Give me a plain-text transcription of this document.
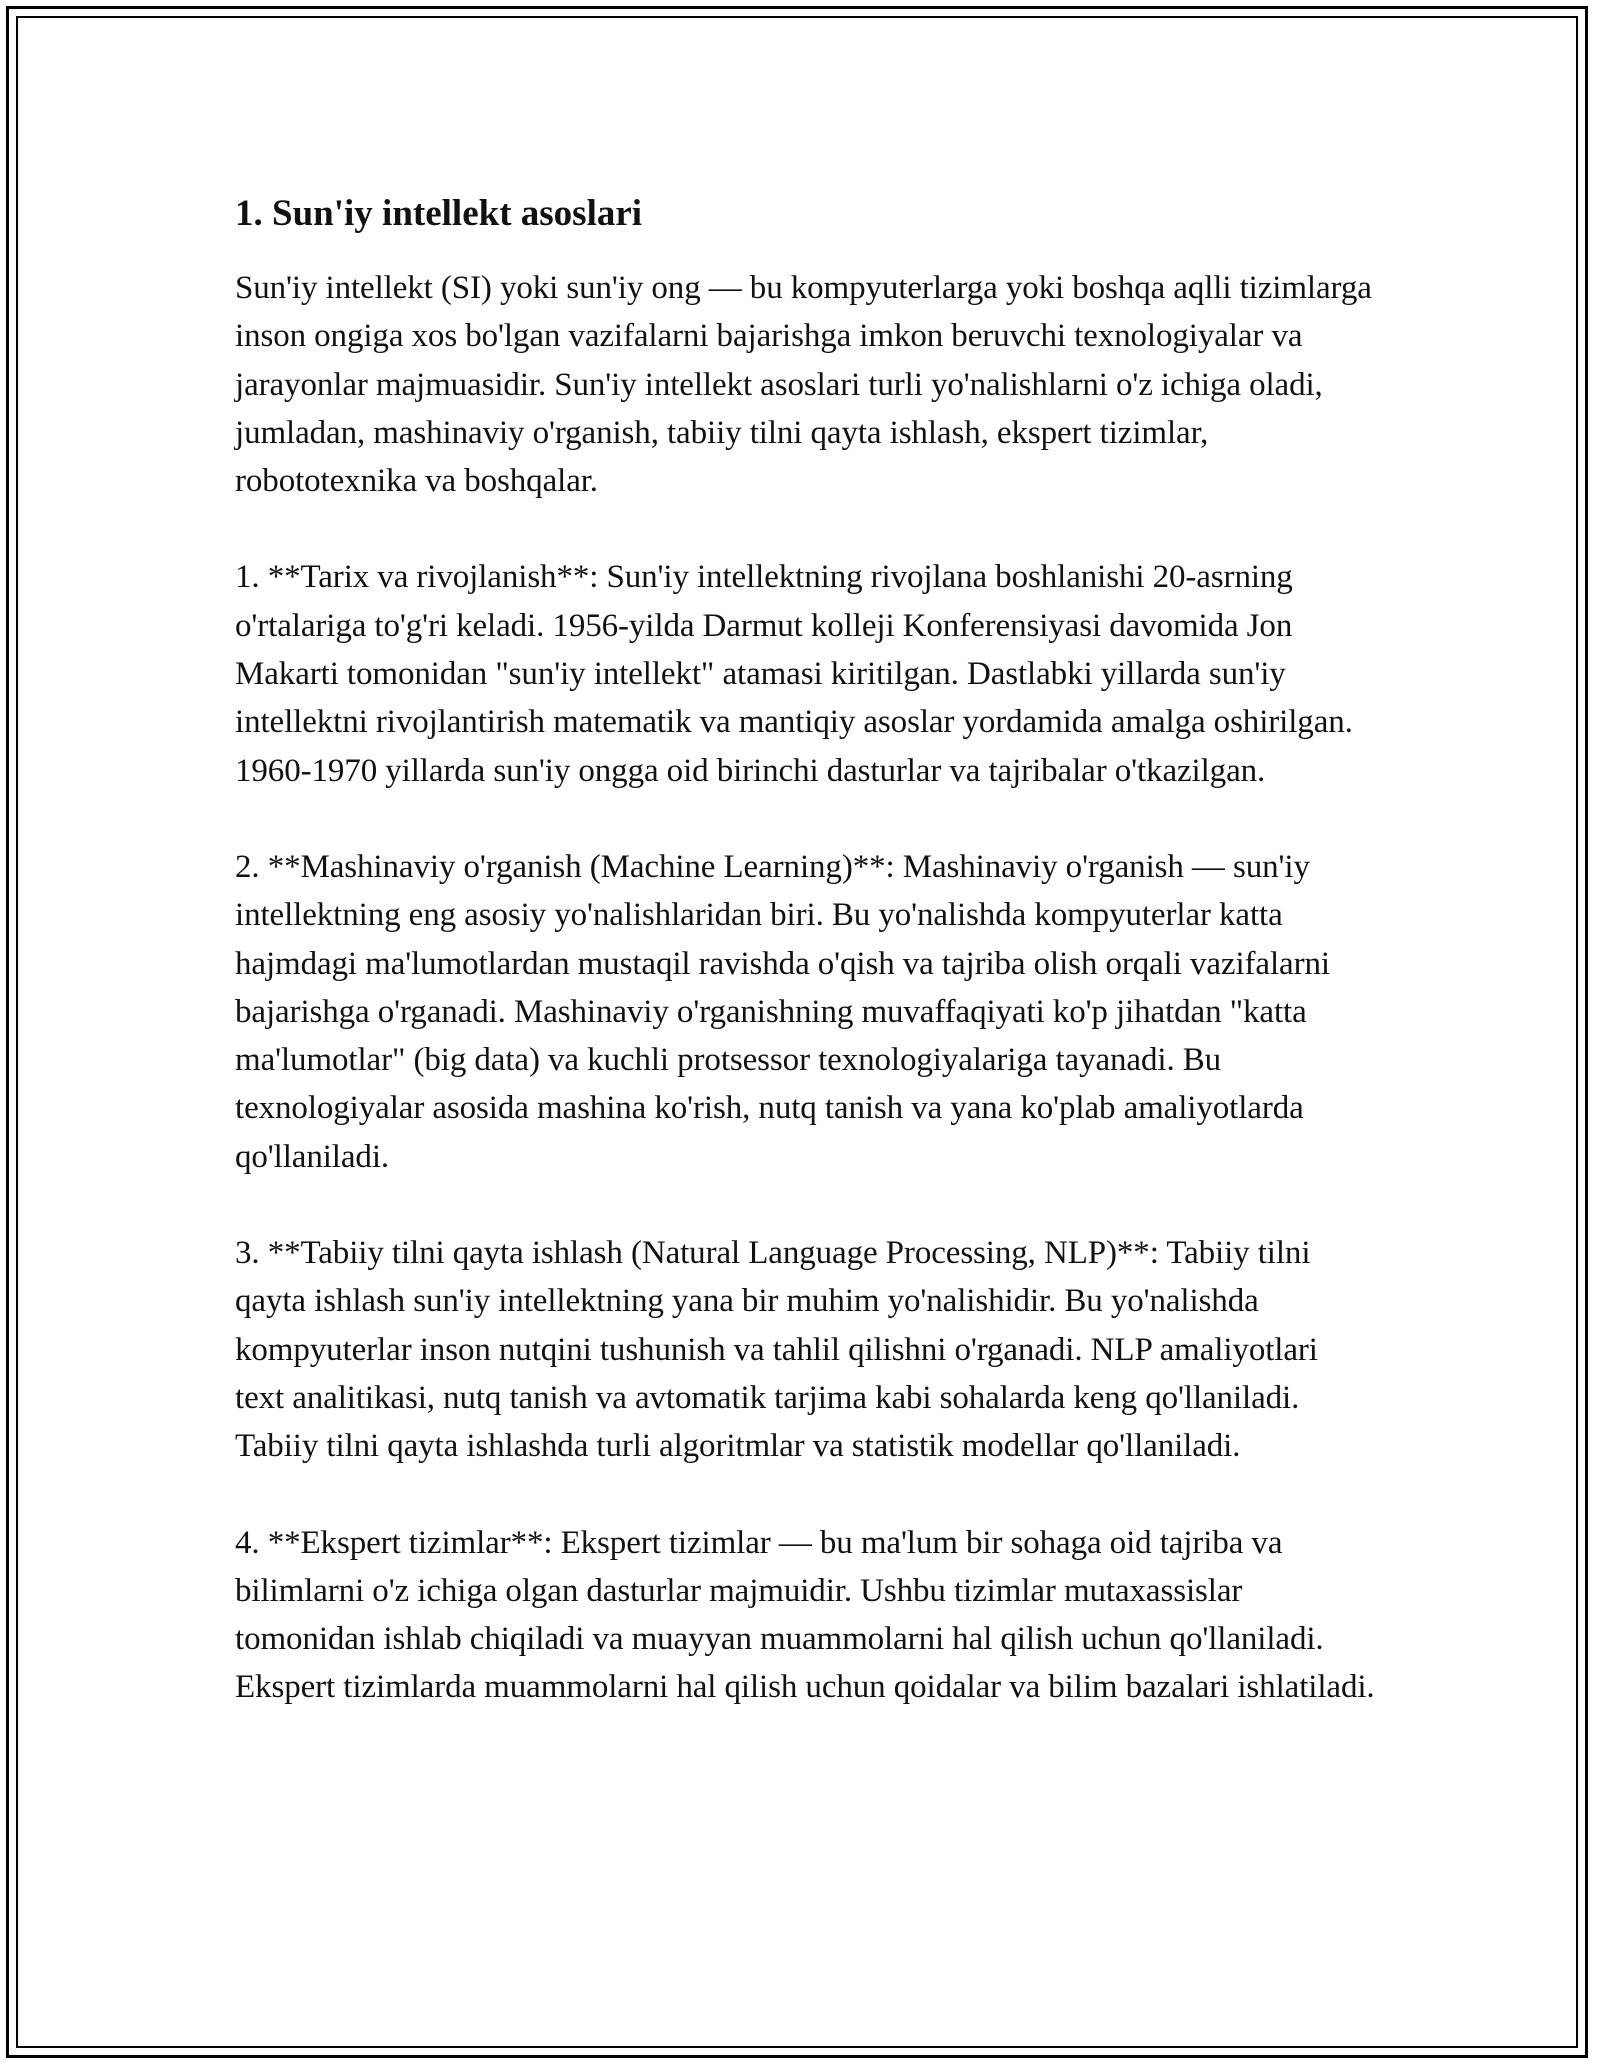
1. Sun'iy intellekt asoslari

Sun'iy intellekt (SI) yoki sun'iy ong — bu kompyuterlarga yoki boshqa aqlli tizimlarga inson ongiga xos bo'lgan vazifalarni bajarishga imkon beruvchi texnologiyalar va jarayonlar majmuasidir. Sun'iy intellekt asoslari turli yo'nalishlarni o'z ichiga oladi, jumladan, mashinaviy o'rganish, tabiiy tilni qayta ishlash, ekspert tizimlar, robototexnika va boshqalar.

1. **Tarix va rivojlanish**: Sun'iy intellektning rivojlana boshlanishi 20-asrning o'rtalariga to'g'ri keladi. 1956-yilda Darmut kolleji Konferensiyasi davomida Jon Makarti tomonidan "sun'iy intellekt" atamasi kiritilgan. Dastlabki yillarda sun'iy intellektni rivojlantirish matematik va mantiqiy asoslar yordamida amalga oshirilgan. 1960-1970 yillarda sun'iy ongga oid birinchi dasturlar va tajribalar o'tkazilgan.

2. **Mashinaviy o'rganish (Machine Learning)**: Mashinaviy o'rganish — sun'iy intellektning eng asosiy yo'nalishlaridan biri. Bu yo'nalishda kompyuterlar katta hajmdagi ma'lumotlardan mustaqil ravishda o'qish va tajriba olish orqali vazifalarni bajarishga o'rganadi. Mashinaviy o'rganishning muvaffaqiyati ko'p jihatdan "katta ma'lumotlar" (big data) va kuchli protsessor texnologiyalariga tayanadi. Bu texnologiyalar asosida mashina ko'rish, nutq tanish va yana ko'plab amaliyotlarda qo'llaniladi.

3. **Tabiiy tilni qayta ishlash (Natural Language Processing, NLP)**: Tabiiy tilni qayta ishlash sun'iy intellektning yana bir muhim yo'nalishidir. Bu yo'nalishda kompyuterlar inson nutqini tushunish va tahlil qilishni o'rganadi. NLP amaliyotlari text analitikasi, nutq tanish va avtomatik tarjima kabi sohalarda keng qo'llaniladi. Tabiiy tilni qayta ishlashda turli algoritmlar va statistik modellar qo'llaniladi.

4. **Ekspert tizimlar**: Ekspert tizimlar — bu ma'lum bir sohaga oid tajriba va bilimlarni o'z ichiga olgan dasturlar majmuidir. Ushbu tizimlar mutaxassislar tomonidan ishlab chiqiladi va muayyan muammolarni hal qilish uchun qo'llaniladi. Ekspert tizimlarda muammolarni hal qilish uchun qoidalar va bilim bazalari ishlatiladi.
